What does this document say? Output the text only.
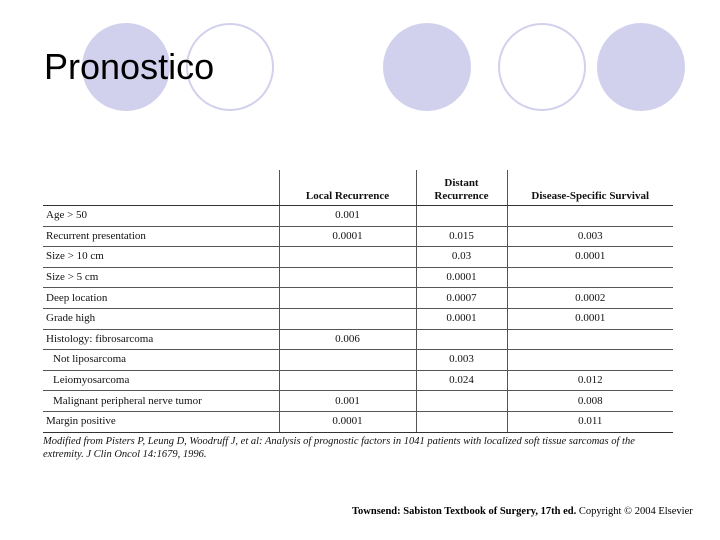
Pronostico
	Local Recurrence	Distant Recurrence	Disease-Specific Survival
Age > 50	0.001		
Recurrent presentation	0.0001	0.015	0.003
Size > 10 cm		0.03	0.0001
Size > 5 cm		0.0001	
Deep location		0.0007	0.0002
Grade high		0.0001	0.0001
Histology: fibrosarcoma	0.006		
Not liposarcoma		0.003	
Leiomyosarcoma		0.024	0.012
Malignant peripheral nerve tumor	0.001		0.008
Margin positive	0.0001		0.011

Modified from Pisters P, Leung D, Woodruff J, et al: Analysis of prognostic factors in 1041 patients with localized soft tissue sarcomas of the extremity. J Clin Oncol 14:1679, 1996.

Townsend: Sabiston Textbook of Surgery, 17th ed. Copyright © 2004 Elsevier
